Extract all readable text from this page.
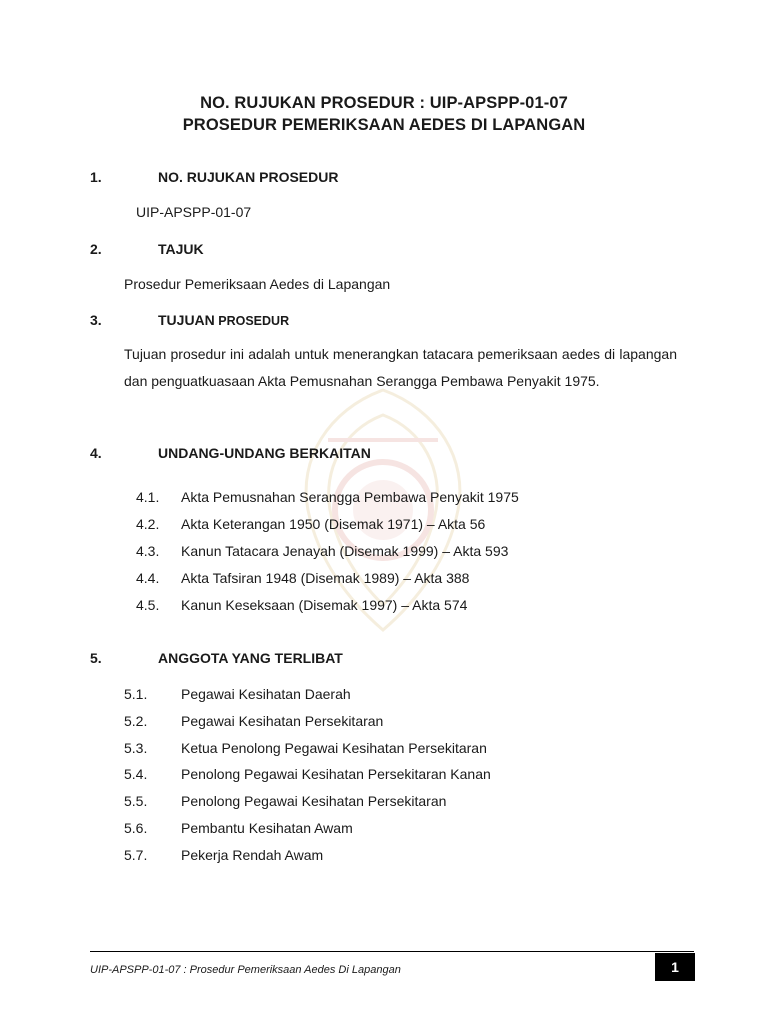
NO. RUJUKAN PROSEDUR : UIP-APSPP-01-07
PROSEDUR PEMERIKSAAN AEDES DI LAPANGAN
1.	NO. RUJUKAN PROSEDUR
UIP-APSPP-01-07
2.	TAJUK
Prosedur Pemeriksaan Aedes di Lapangan
3.	TUJUAN PROSEDUR
Tujuan prosedur ini adalah untuk menerangkan tatacara pemeriksaan aedes di lapangan dan penguatkuasaan Akta Pemusnahan Serangga Pembawa Penyakit 1975.
4.	UNDANG-UNDANG BERKAITAN
4.1. Akta Pemusnahan Serangga Pembawa Penyakit 1975
4.2. Akta Keterangan 1950 (Disemak 1971) – Akta 56
4.3. Kanun Tatacara Jenayah (Disemak 1999) – Akta 593
4.4. Akta Tafsiran 1948 (Disemak 1989) – Akta 388
4.5. Kanun Keseksaan (Disemak 1997) – Akta 574
5.	ANGGOTA YANG TERLIBAT
5.1. Pegawai Kesihatan Daerah
5.2. Pegawai Kesihatan Persekitaran
5.3. Ketua Penolong Pegawai Kesihatan Persekitaran
5.4. Penolong Pegawai Kesihatan Persekitaran Kanan
5.5. Penolong Pegawai Kesihatan Persekitaran
5.6. Pembantu Kesihatan Awam
5.7. Pekerja Rendah Awam
UIP-APSPP-01-07 : Prosedur Pemeriksaan Aedes Di Lapangan	1
